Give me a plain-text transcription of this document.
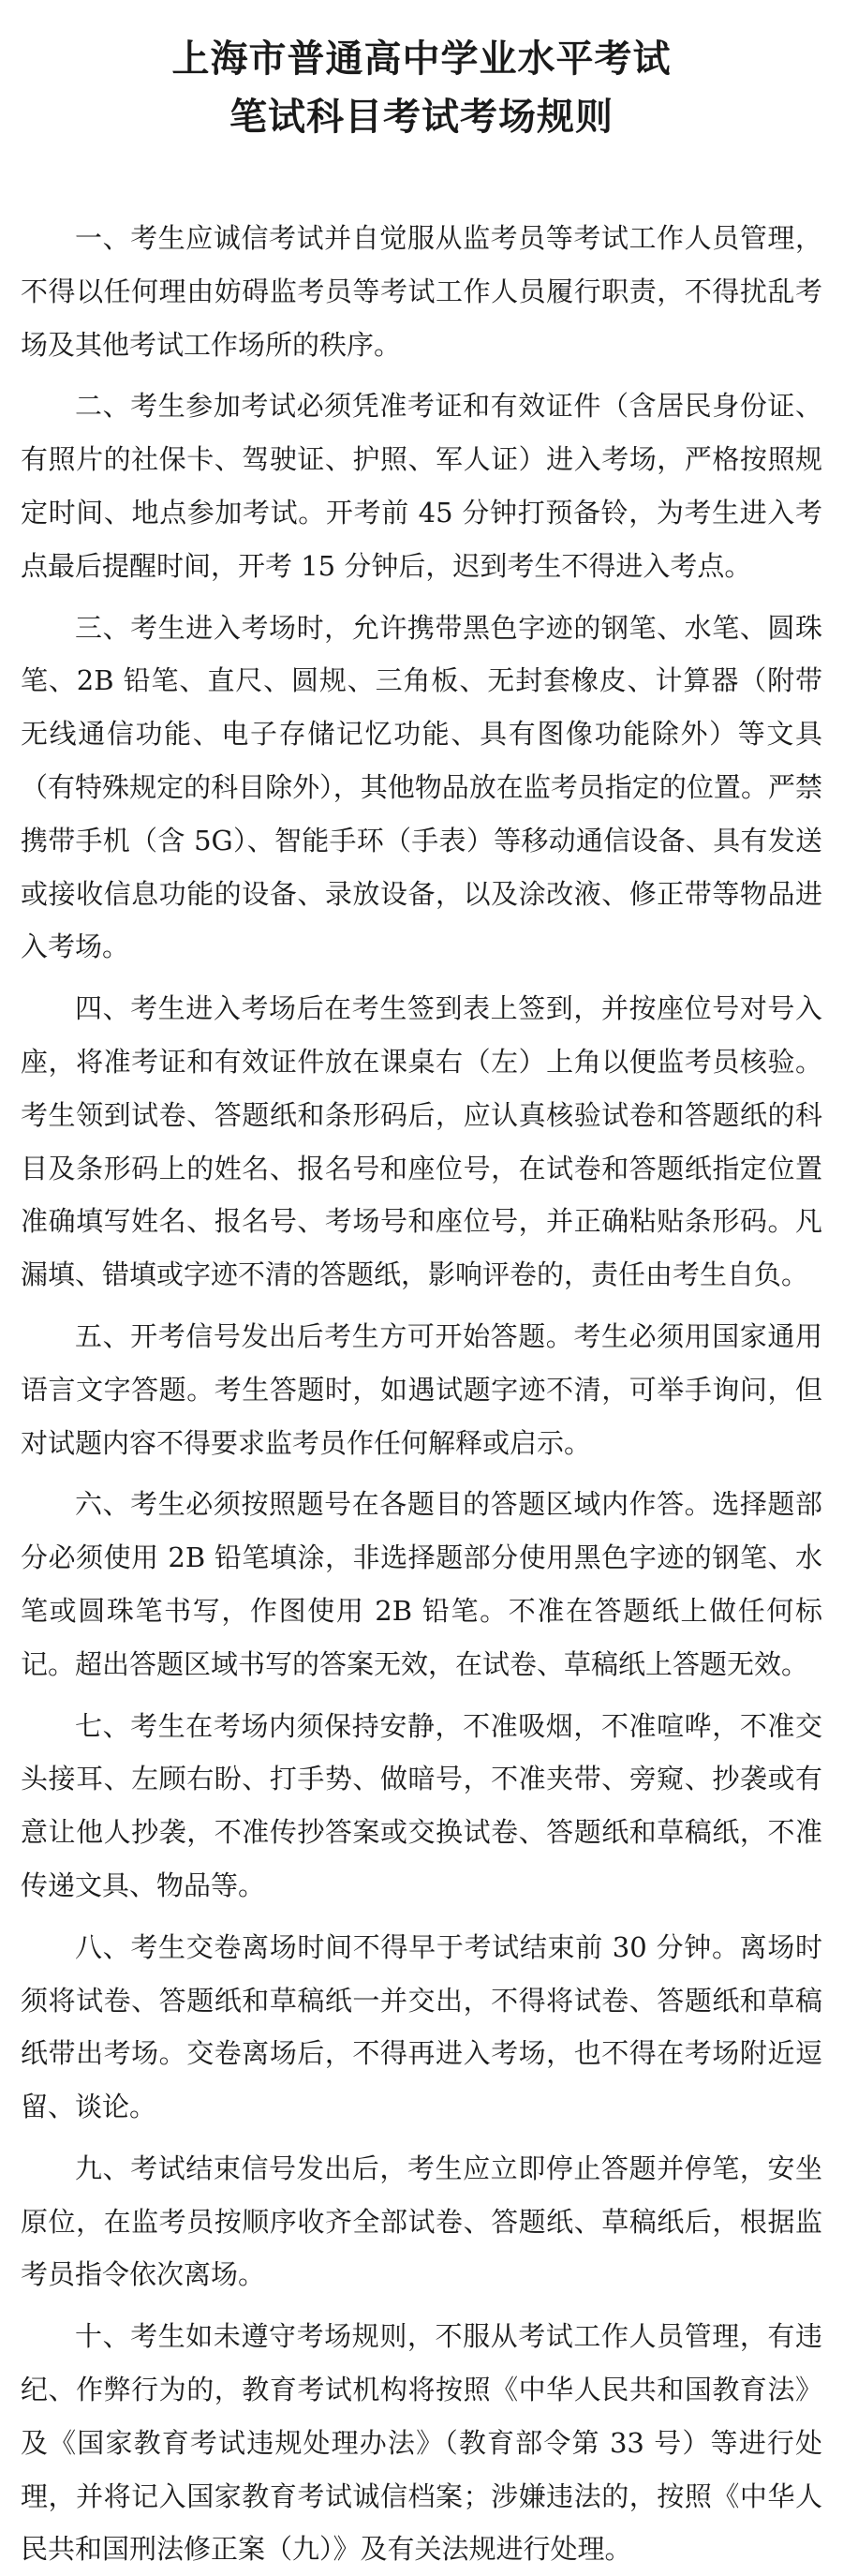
上海市普通高中学业水平考试
笔试科目考试考场规则

一、考生应诚信考试并自觉服从监考员等考试工作人员管理，不得以任何理由妨碍监考员等考试工作人员履行职责，不得扰乱考场及其他考试工作场所的秩序。

二、考生参加考试必须凭准考证和有效证件（含居民身份证、有照片的社保卡、驾驶证、护照、军人证）进入考场，严格按照规定时间、地点参加考试。开考前 45 分钟打预备铃，为考生进入考点最后提醒时间，开考 15 分钟后，迟到考生不得进入考点。

三、考生进入考场时，允许携带黑色字迹的钢笔、水笔、圆珠笔、2B 铅笔、直尺、圆规、三角板、无封套橡皮、计算器（附带无线通信功能、电子存储记忆功能、具有图像功能除外）等文具（有特殊规定的科目除外），其他物品放在监考员指定的位置。严禁携带手机（含 5G）、智能手环（手表）等移动通信设备、具有发送或接收信息功能的设备、录放设备，以及涂改液、修正带等物品进入考场。

四、考生进入考场后在考生签到表上签到，并按座位号对号入座，将准考证和有效证件放在课桌右（左）上角以便监考员核验。考生领到试卷、答题纸和条形码后，应认真核验试卷和答题纸的科目及条形码上的姓名、报名号和座位号，在试卷和答题纸指定位置准确填写姓名、报名号、考场号和座位号，并正确粘贴条形码。凡漏填、错填或字迹不清的答题纸，影响评卷的，责任由考生自负。

五、开考信号发出后考生方可开始答题。考生必须用国家通用语言文字答题。考生答题时，如遇试题字迹不清，可举手询问，但对试题内容不得要求监考员作任何解释或启示。

六、考生必须按照题号在各题目的答题区域内作答。选择题部分必须使用 2B 铅笔填涂，非选择题部分使用黑色字迹的钢笔、水笔或圆珠笔书写，作图使用 2B 铅笔。不准在答题纸上做任何标记。超出答题区域书写的答案无效，在试卷、草稿纸上答题无效。

七、考生在考场内须保持安静，不准吸烟，不准喧哗，不准交头接耳、左顾右盼、打手势、做暗号，不准夹带、旁窥、抄袭或有意让他人抄袭，不准传抄答案或交换试卷、答题纸和草稿纸，不准传递文具、物品等。

八、考生交卷离场时间不得早于考试结束前 30 分钟。离场时须将试卷、答题纸和草稿纸一并交出，不得将试卷、答题纸和草稿纸带出考场。交卷离场后，不得再进入考场，也不得在考场附近逗留、谈论。

九、考试结束信号发出后，考生应立即停止答题并停笔，安坐原位，在监考员按顺序收齐全部试卷、答题纸、草稿纸后，根据监考员指令依次离场。

十、考生如未遵守考场规则，不服从考试工作人员管理，有违纪、作弊行为的，教育考试机构将按照《中华人民共和国教育法》及《国家教育考试违规处理办法》（教育部令第 33 号）等进行处理，并将记入国家教育考试诚信档案；涉嫌违法的，按照《中华人民共和国刑法修正案（九）》及有关法规进行处理。
